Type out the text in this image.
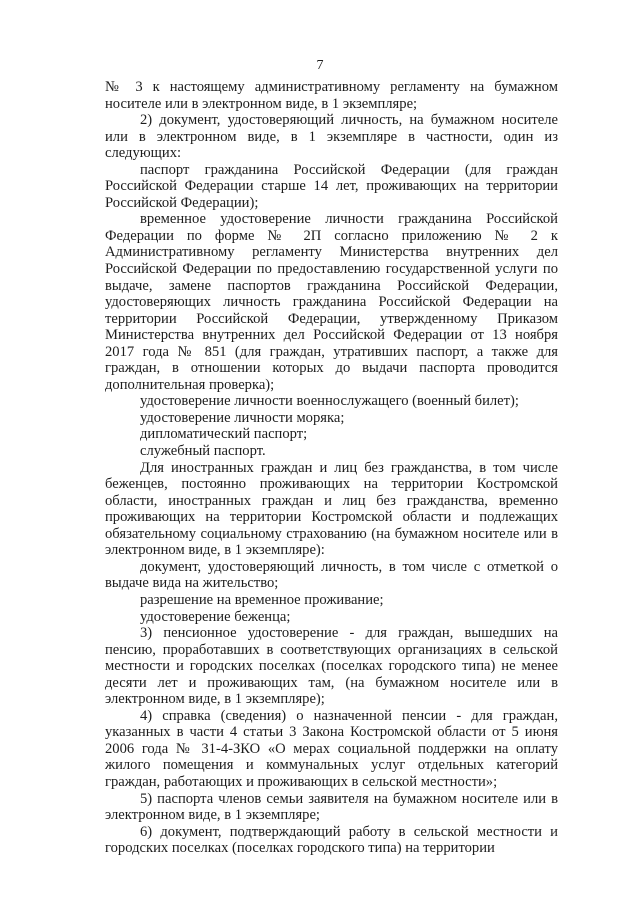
7

№ 3 к настоящему административному регламенту на бумажном носителе или в электронном виде, в 1 экземпляре;

2) документ, удостоверяющий личность, на бумажном носителе или в электронном виде, в 1 экземпляре в частности, один из следующих:

паспорт гражданина Российской Федерации (для граждан Российской Федерации старше 14 лет, проживающих на территории Российской Федерации);

временное удостоверение личности гражданина Российской Федерации по форме № 2П согласно приложению № 2 к Административному регламенту Министерства внутренних дел Российской Федерации по предоставлению государственной услуги по выдаче, замене паспортов гражданина Российской Федерации, удостоверяющих личность гражданина Российской Федерации на территории Российской Федерации, утвержденному Приказом Министерства внутренних дел Российской Федерации от 13 ноября 2017 года № 851 (для граждан, утративших паспорт, а также для граждан, в отношении которых до выдачи паспорта проводится дополнительная проверка);

удостоверение личности военнослужащего (военный билет);

удостоверение личности моряка;

дипломатический паспорт;

служебный паспорт.

Для иностранных граждан и лиц без гражданства, в том числе беженцев, постоянно проживающих на территории Костромской области, иностранных граждан и лиц без гражданства, временно проживающих на территории Костромской области и подлежащих обязательному социальному страхованию (на бумажном носителе или в электронном виде, в 1 экземпляре):

документ, удостоверяющий личность, в том числе с отметкой о выдаче вида на жительство;

разрешение на временное проживание;

удостоверение беженца;

3) пенсионное удостоверение - для граждан, вышедших на пенсию, проработавших в соответствующих организациях в сельской местности и городских поселках (поселках городского типа) не менее десяти лет и проживающих там, (на бумажном носителе или в электронном виде, в 1 экземпляре);

4) справка (сведения) о назначенной пенсии - для граждан, указанных в части 4 статьи 3 Закона Костромской области от 5 июня 2006 года № 31-4-ЗКО «О мерах социальной поддержки на оплату жилого помещения и коммунальных услуг отдельных категорий граждан, работающих и проживающих в сельской местности»;

5) паспорта членов семьи заявителя на бумажном носителе или в электронном виде, в 1 экземпляре;

6) документ, подтверждающий работу в сельской местности и городских поселках (поселках городского типа) на территории
